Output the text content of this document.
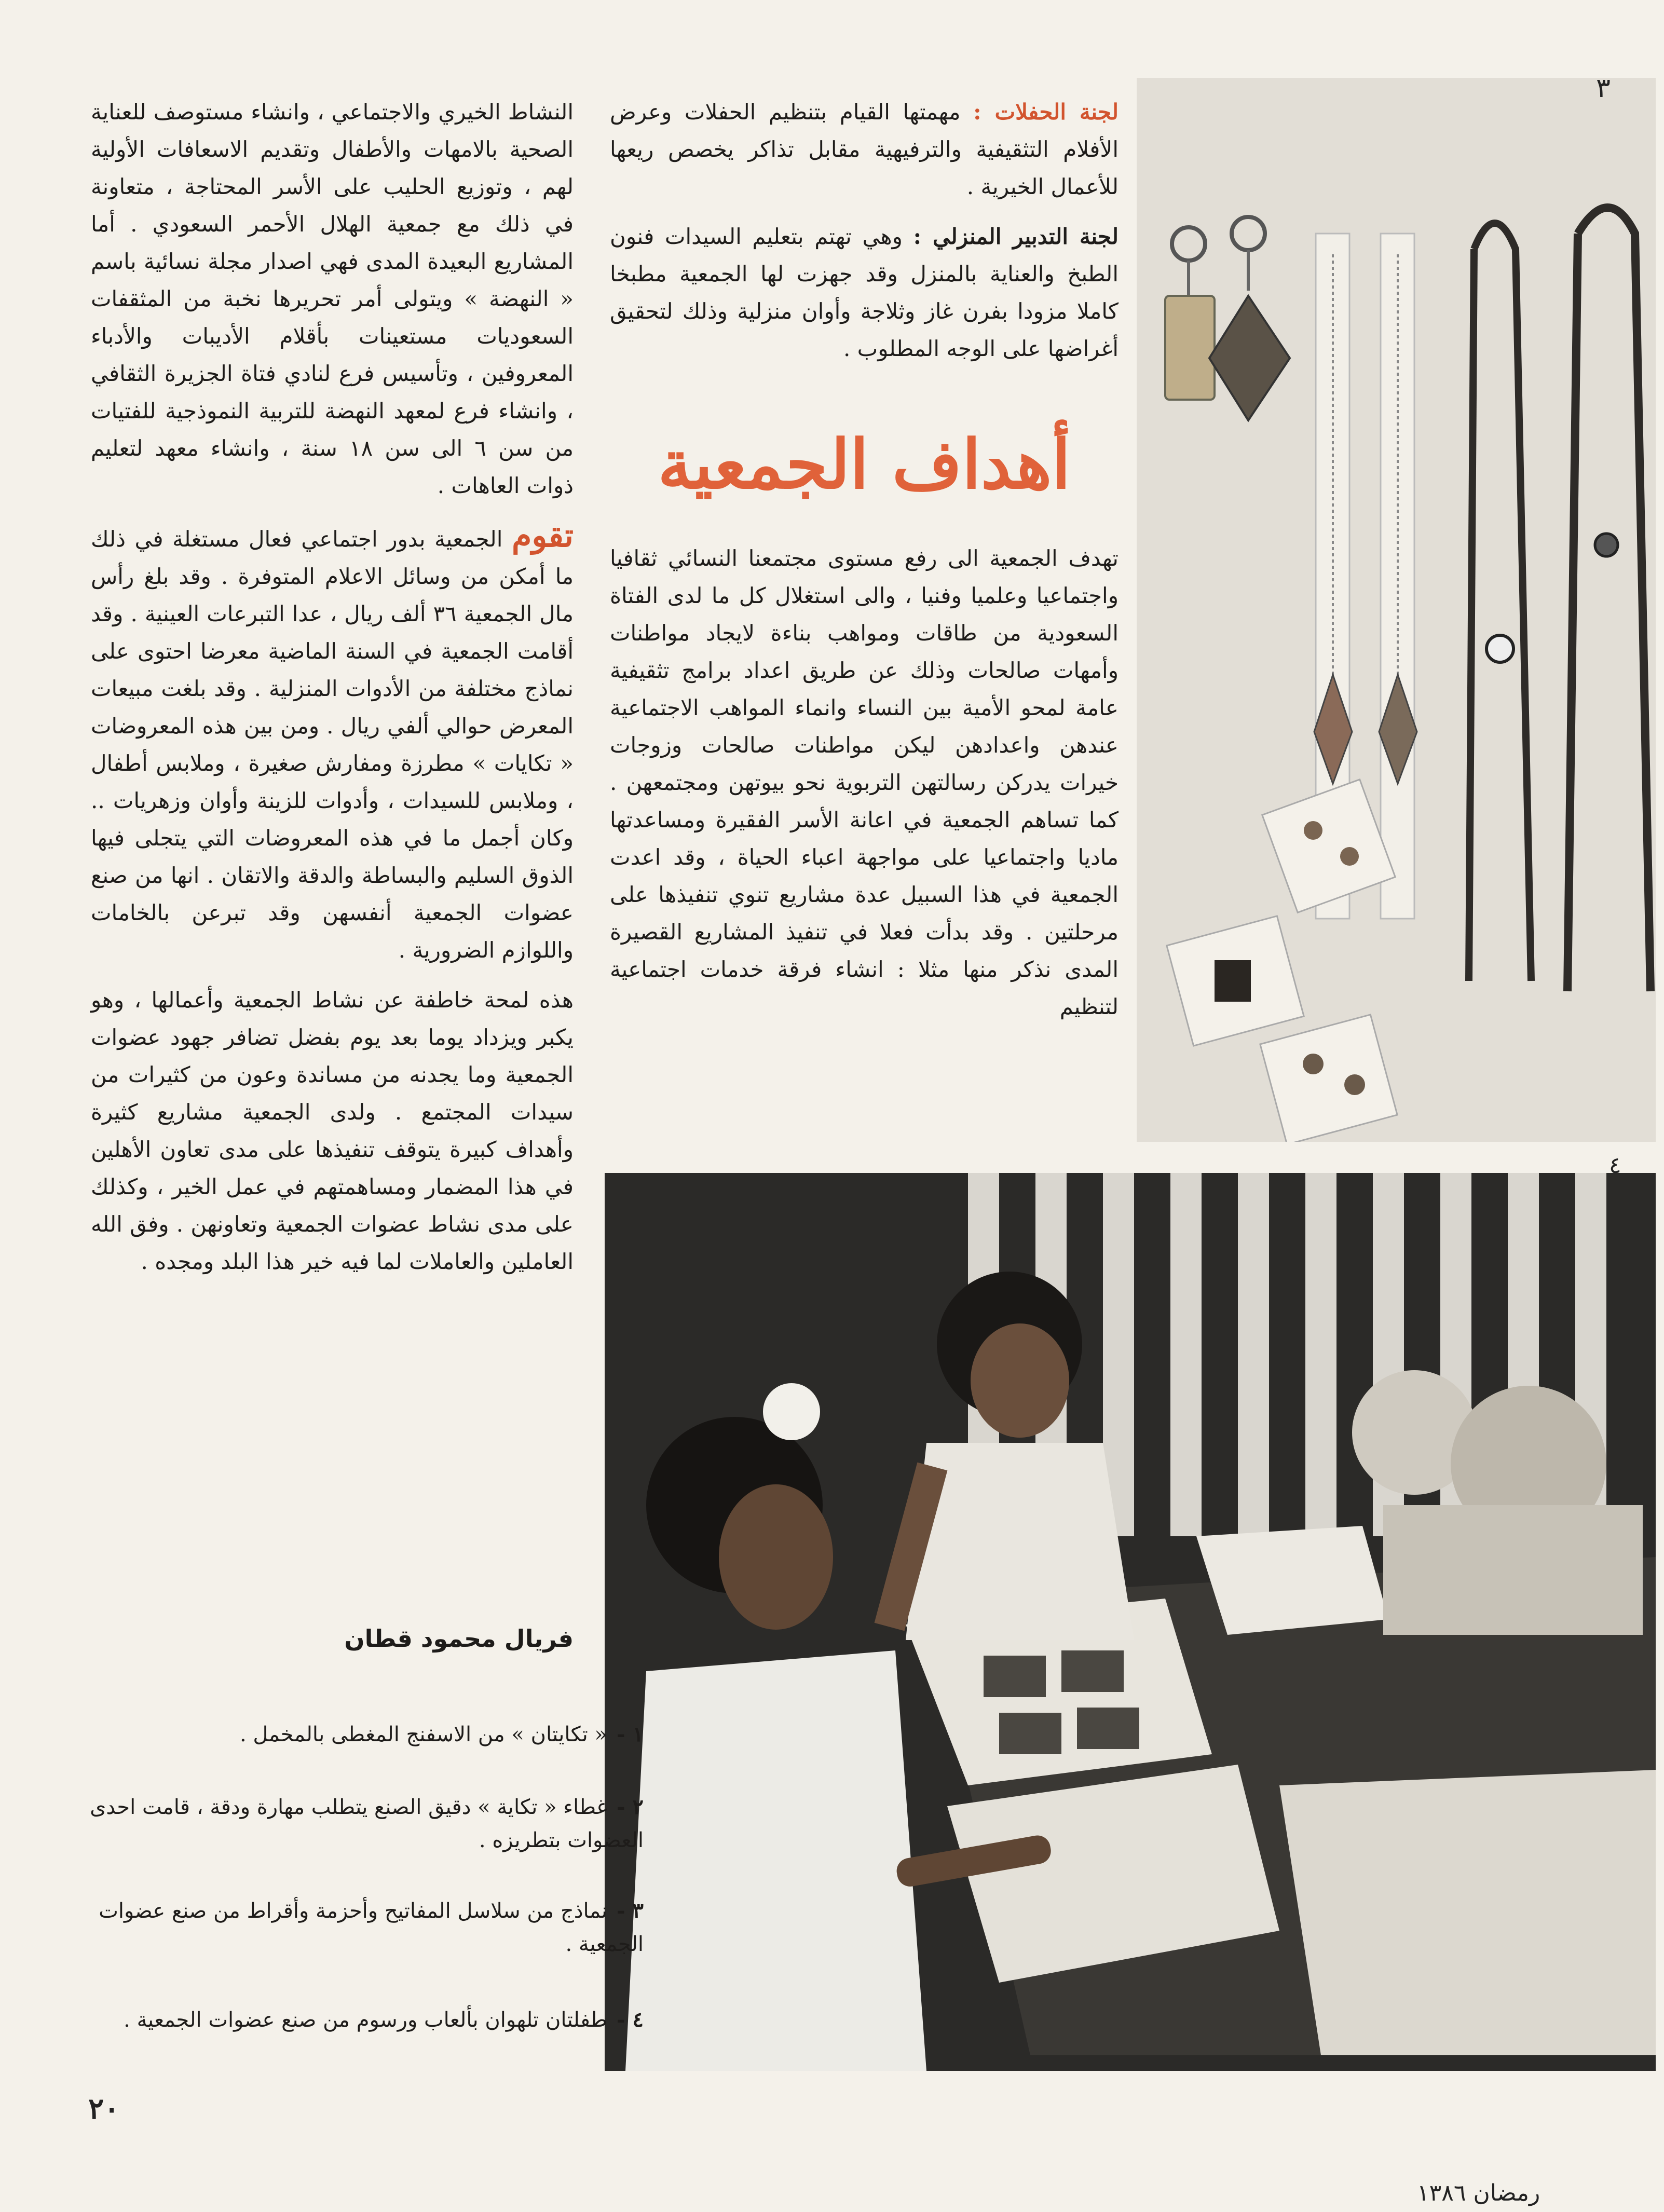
٣
٤

لجنة الحفلات : مهمتها القيام بتنظيم الحفلات وعرض الأفلام التثقيفية والترفيهية مقابل تذاكر يخصص ريعها للأعمال الخيرية .

لجنة التدبير المنزلي : وهي تهتم بتعليم السيدات فنون الطبخ والعناية بالمنزل وقد جهزت لها الجمعية مطبخا كاملا مزودا بفرن غاز وثلاجة وأوان منزلية وذلك لتحقيق أغراضها على الوجه المطلوب .

أهداف الجمعية

تهدف الجمعية الى رفع مستوى مجتمعنا النسائي ثقافيا واجتماعيا وعلميا وفنيا ، والى استغلال كل ما لدى الفتاة السعودية من طاقات ومواهب بناءة لايجاد مواطنات وأمهات صالحات وذلك عن طريق اعداد برامج تثقيفية عامة لمحو الأمية بين النساء وانماء المواهب الاجتماعية عندهن واعدادهن ليكن مواطنات صالحات وزوجات خيرات يدركن رسالتهن التربوية نحو بيوتهن ومجتمعهن . كما تساهم الجمعية في اعانة الأسر الفقيرة ومساعدتها ماديا واجتماعيا على مواجهة اعباء الحياة ، وقد اعدت الجمعية في هذا السبيل عدة مشاريع تنوي تنفيذها على مرحلتين . وقد بدأت فعلا في تنفيذ المشاريع القصيرة المدى نذكر منها مثلا : انشاء فرقة خدمات اجتماعية لتنظيم

النشاط الخيري والاجتماعي ، وانشاء مستوصف للعناية الصحية بالامهات والأطفال وتقديم الاسعافات الأولية لهم ، وتوزيع الحليب على الأسر المحتاجة ، متعاونة في ذلك مع جمعية الهلال الأحمر السعودي . أما المشاريع البعيدة المدى فهي اصدار مجلة نسائية باسم « النهضة » ويتولى أمر تحريرها نخبة من المثقفات السعوديات مستعينات بأقلام الأديبات والأدباء المعروفين ، وتأسيس فرع لنادي فتاة الجزيرة الثقافي ، وانشاء فرع لمعهد النهضة للتربية النموذجية للفتيات من سن ٦ الى سن ١٨ سنة ، وانشاء معهد لتعليم ذوات العاهات .

تقوم الجمعية بدور اجتماعي فعال مستغلة في ذلك ما أمكن من وسائل الاعلام المتوفرة . وقد بلغ رأس مال الجمعية ٣٦ ألف ريال ، عدا التبرعات العينية . وقد أقامت الجمعية في السنة الماضية معرضا احتوى على نماذج مختلفة من الأدوات المنزلية . وقد بلغت مبيعات المعرض حوالي ألفي ريال . ومن بين هذه المعروضات « تكايات » مطرزة ومفارش صغيرة ، وملابس أطفال ، وملابس للسيدات ، وأدوات للزينة وأوان وزهريات .. وكان أجمل ما في هذه المعروضات التي يتجلى فيها الذوق السليم والبساطة والدقة والاتقان . انها من صنع عضوات الجمعية أنفسهن وقد تبرعن بالخامات واللوازم الضرورية .

هذه لمحة خاطفة عن نشاط الجمعية وأعمالها ، وهو يكبر ويزداد يوما بعد يوم بفضل تضافر جهود عضوات الجمعية وما يجدنه من مساندة وعون من كثيرات من سيدات المجتمع . ولدى الجمعية مشاريع كثيرة وأهداف كبيرة يتوقف تنفيذها على مدى تعاون الأهلين في هذا المضمار ومساهمتهم في عمل الخير ، وكذلك على مدى نشاط عضوات الجمعية وتعاونهن . وفق الله العاملين والعاملات لما فيه خير هذا البلد ومجده .

فريال محمود قطان
١ -« تكايتان » من الاسفنج المغطى بالمخمل .
٢ -غطاء « تكاية » دقيق الصنع يتطلب مهارة ودقة ، قامت احدى العضوات بتطريزه .
٣ -نماذج من سلاسل المفاتيح وأحزمة وأقراط من صنع عضوات الجمعية .
٤ -طفلتان تلهوان بألعاب ورسوم من صنع عضوات الجمعية .
٢٠
رمضان ١٣٨٦
